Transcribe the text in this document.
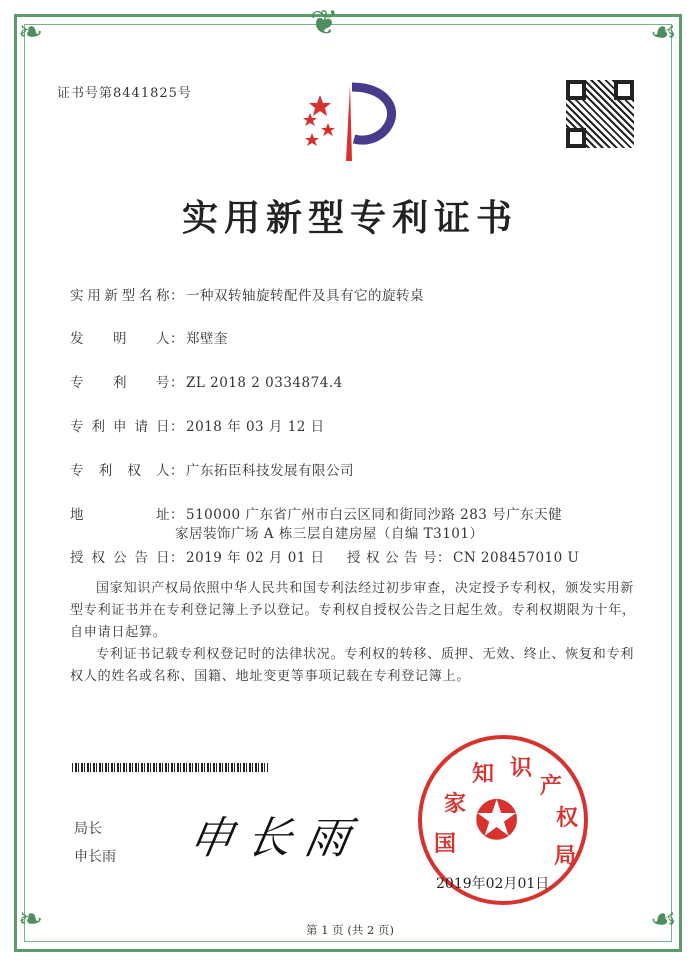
❦
❧	☙
❧	☙
证书号第8441825号
实用新型专利证书
实用新型名称： 一种双转轴旋转配件及具有它的旋转桌
发明人： 郑壁奎
专利号： ZL 2018 2 0334874.4
专利申请日： 2018 年 03 月 12 日
专利权人： 广东拓臣科技发展有限公司
地址： 510000 广东省广州市白云区同和街同沙路 283 号广东天健
家居装饰广场 A 栋三层自建房屋（自编 T3101）
授权公告日： 2019 年 02 月 01 日 授权公告号： CN 208457010 U
国家知识产权局依照中华人民共和国专利法经过初步审查，决定授予专利权，颁发实用新型专利证书并在专利登记簿上予以登记。专利权自授权公告之日起生效。专利权期限为十年，自申请日起算。
专利证书记载专利权登记时的法律状况。专利权的转移、质押、无效、终止、恢复和专利权人的姓名或名称、国籍、地址变更等事项记载在专利登记簿上。
局长
申长雨 申长雨	国
家
知 识
产
权
局
✪
2019年02月01日
第 1 页 (共 2 页)
